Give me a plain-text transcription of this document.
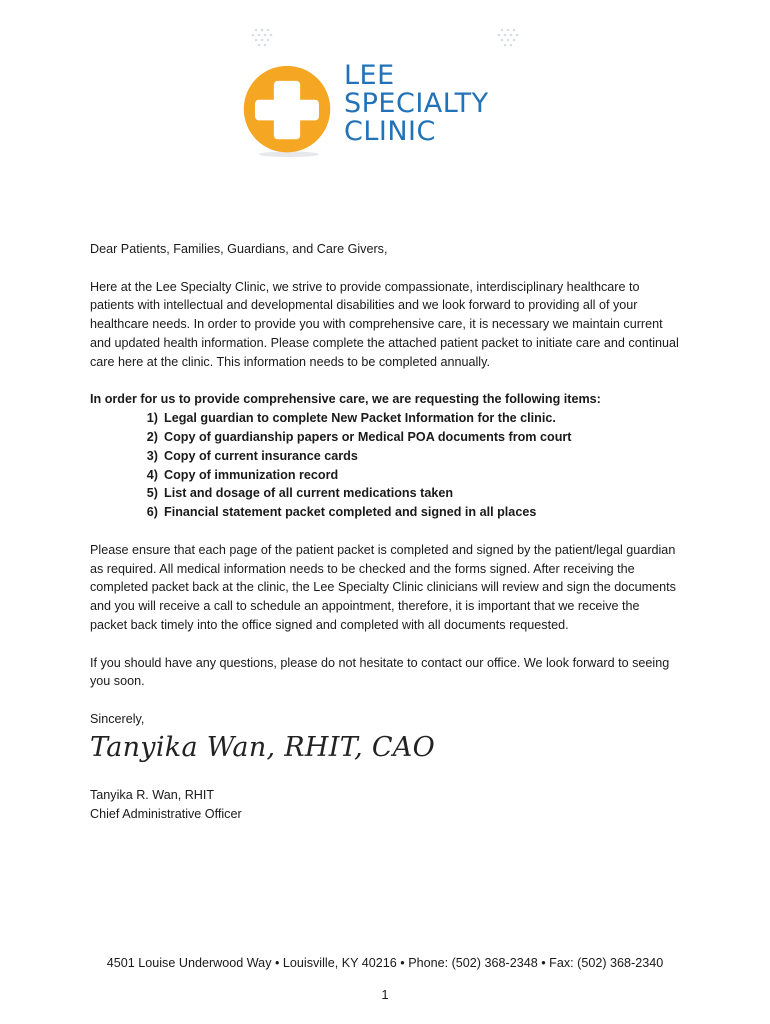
LEE
SPECIALTY
CLINIC

Dear Patients, Families, Guardians, and Care Givers,

Here at the Lee Specialty Clinic, we strive to provide compassionate, interdisciplinary healthcare to patients with intellectual and developmental disabilities and we look forward to providing all of your healthcare needs. In order to provide you with comprehensive care, it is necessary we maintain current and updated health information. Please complete the attached patient packet to initiate care and continual care here at the clinic. This information needs to be completed annually.

In order for us to provide comprehensive care, we are requesting the following items:
1) Legal guardian to complete New Packet Information for the clinic.
2) Copy of guardianship papers or Medical POA documents from court
3) Copy of current insurance cards
4) Copy of immunization record
5) List and dosage of all current medications taken
6) Financial statement packet completed and signed in all places

Please ensure that each page of the patient packet is completed and signed by the patient/legal guardian as required. All medical information needs to be checked and the forms signed. After receiving the completed packet back at the clinic, the Lee Specialty Clinic clinicians will review and sign the documents and you will receive a call to schedule an appointment, therefore, it is important that we receive the packet back timely into the office signed and completed with all documents requested.

If you should have any questions, please do not hesitate to contact our office. We look forward to seeing you soon.

Sincerely,

Tanyika Wan, RHIT, CAO
Tanyika R. Wan, RHIT
Chief Administrative Officer
4501 Louise Underwood Way • Louisville, KY 40216 • Phone: (502) 368-2348 • Fax: (502) 368-2340
1
